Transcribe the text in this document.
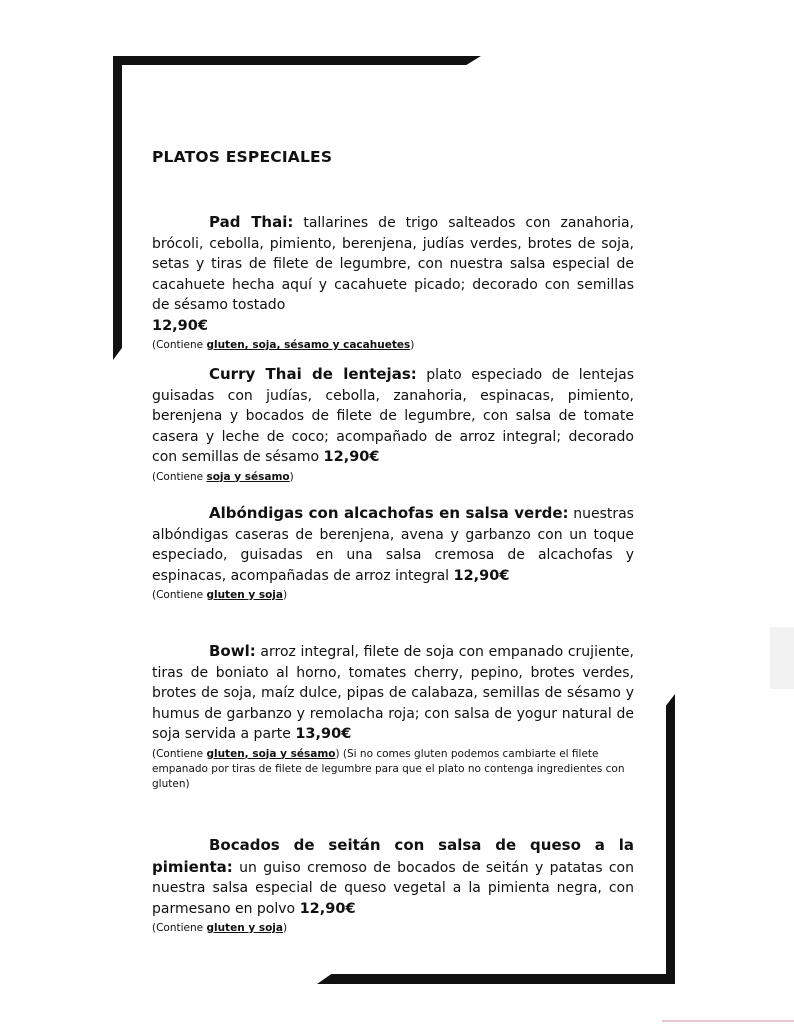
PLATOS ESPECIALES

Pad Thai: tallarines de trigo salteados con zanahoria, brócoli, cebolla, pimiento, berenjena, judías verdes, brotes de soja, setas y tiras de filete de legumbre, con nuestra salsa especial de cacahuete hecha aquí y cacahuete picado; decorado con semillas de sésamo tostado
12,90€

(Contiene gluten, soja, sésamo y cacahuetes)

Curry Thai de lentejas: plato especiado de lentejas guisadas con judías, cebolla, zanahoria, espinacas, pimiento, berenjena y bocados de filete de legumbre, con salsa de tomate casera y leche de coco; acompañado de arroz integral; decorado con semillas de sésamo 12,90€

(Contiene soja y sésamo)

Albóndigas con alcachofas en salsa verde: nuestras albóndigas caseras de berenjena, avena y garbanzo con un toque especiado, guisadas en una salsa cremosa de alcachofas y espinacas, acompañadas de arroz integral 12,90€

(Contiene gluten y soja)

Bowl: arroz integral, filete de soja con empanado crujiente, tiras de boniato al horno, tomates cherry, pepino, brotes verdes, brotes de soja, maíz dulce, pipas de calabaza, semillas de sésamo y humus de garbanzo y remolacha roja; con salsa de yogur natural de soja servida a parte 13,90€

(Contiene gluten, soja y sésamo) (Si no comes gluten podemos cambiarte el filete empanado por tiras de filete de legumbre para que el plato no contenga ingredientes con gluten)

Bocados de seitán con salsa de queso a la pimienta: un guiso cremoso de bocados de seitán y patatas con nuestra salsa especial de queso vegetal a la pimienta negra, con parmesano en polvo 12,90€

(Contiene gluten y soja)
